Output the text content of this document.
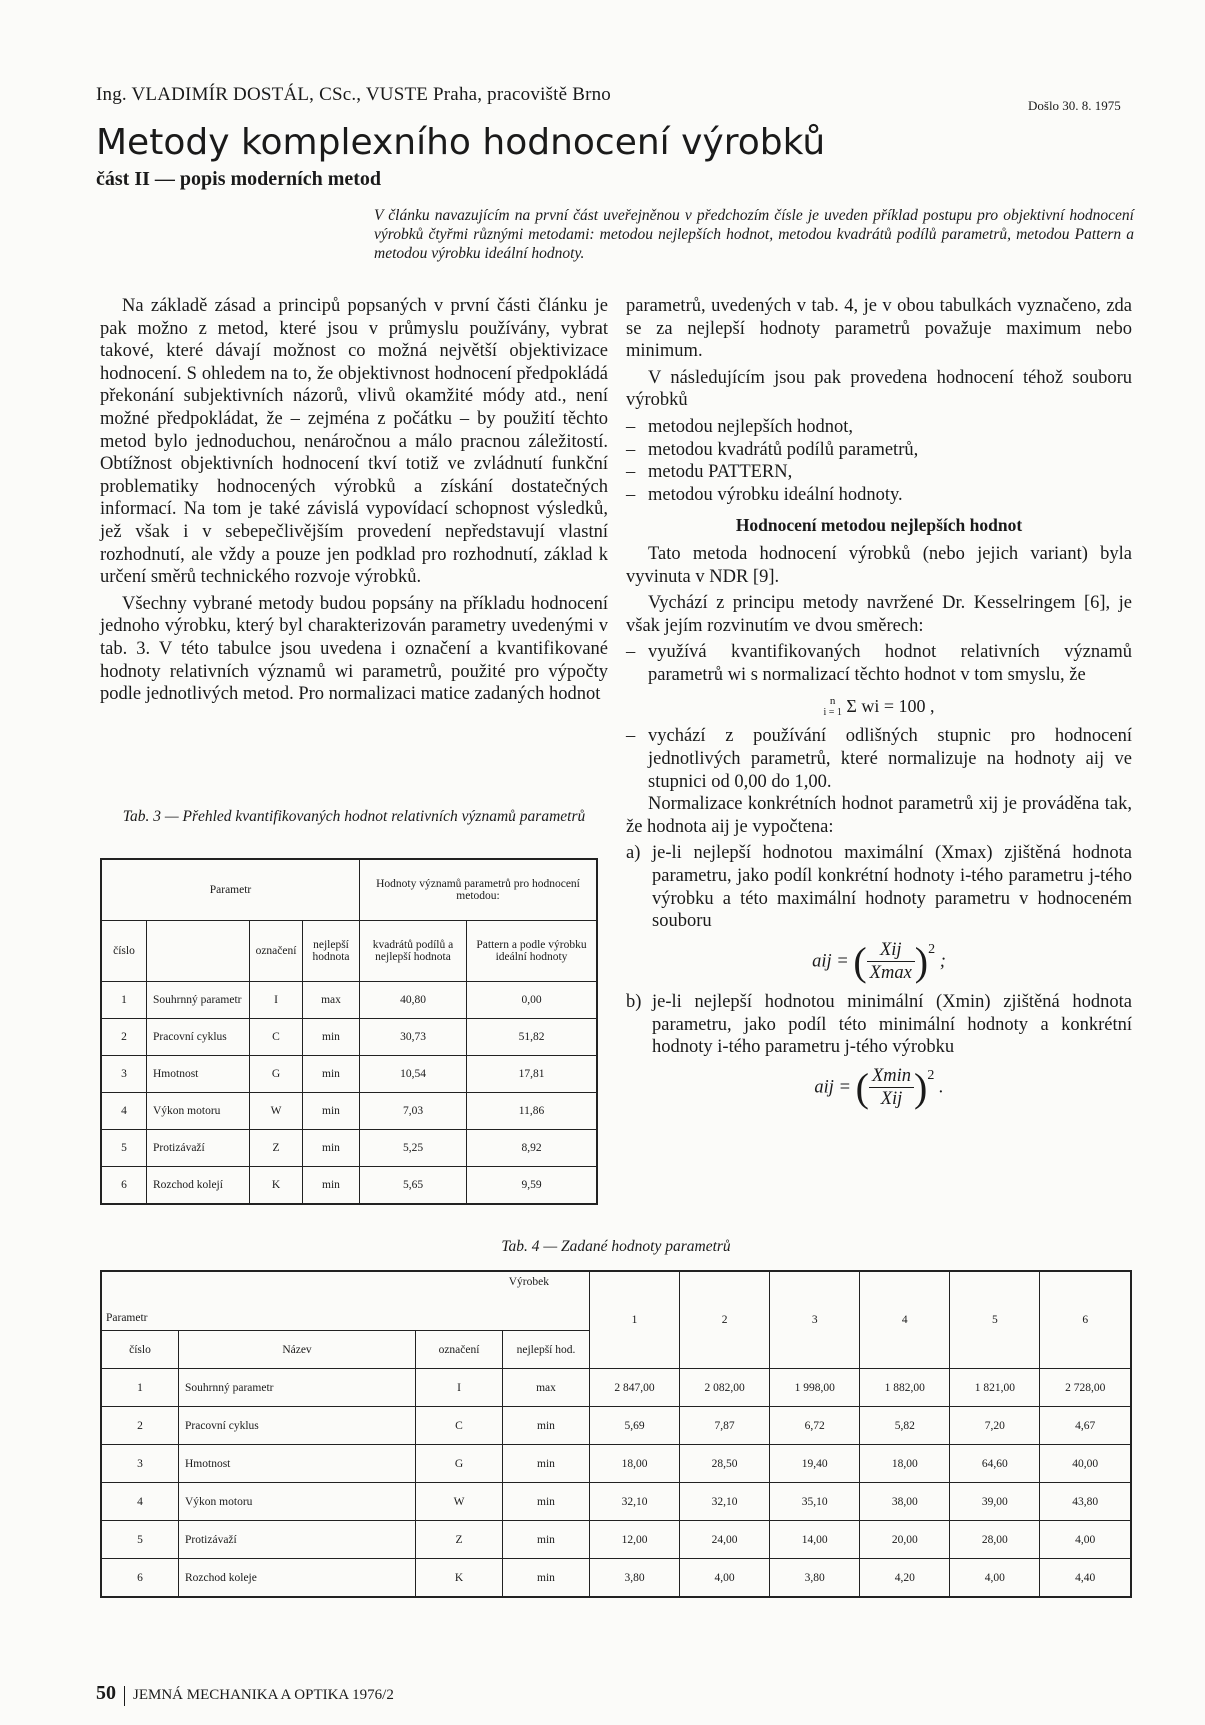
Ing. VLADIMÍR DOSTÁL, CSc., VUSTE Praha, pracoviště Brno
Došlo 30. 8. 1975
Metody komplexního hodnocení výrobků
část II — popis moderních metod
V článku navazujícím na první část uveřejněnou v předchozím čísle je uveden příklad postupu pro objektivní hodnocení výrobků čtyřmi různými metodami: metodou nejlepších hodnot, metodou kvadrátů podílů parametrů, metodou Pattern a metodou výrobku ideální hodnoty.

Na základě zásad a principů popsaných v první části článku je pak možno z metod, které jsou v průmyslu používány, vybrat takové, které dávají možnost co možná největší objektivizace hodnocení. S ohledem na to, že objektivnost hodnocení předpokládá překonání subjektivních názorů, vlivů okamžité módy atd., není možné předpokládat, že – zejména z počátku – by použití těchto metod bylo jednoduchou, nenáročnou a málo pracnou záležitostí. Obtížnost objektivních hodnocení tkví totiž ve zvládnutí funkční problematiky hodnocených výrobků a získání dostatečných informací. Na tom je také závislá vypovídací schopnost výsledků, jež však i v sebepečlivějším provedení nepředstavují vlastní rozhodnutí, ale vždy a pouze jen podklad pro rozhodnutí, základ k určení směrů technického rozvoje výrobků.

Všechny vybrané metody budou popsány na příkladu hodnocení jednoho výrobku, který byl charakterizován parametry uvedenými v tab. 3. V této tabulce jsou uvedena i označení a kvantifikované hodnoty relativních významů wi parametrů, použité pro výpočty podle jednotlivých metod. Pro normalizaci matice zadaných hodnot

Tab. 3 — Přehled kvantifikovaných hodnot relativních významů parametrů
Parametr				Hodnoty významů parametrů pro hodnocení metodou:	
číslo		označení	nejlepší hodnota	kvadrátů podílů a nejlepší hodnota	Pattern a podle výrobku ideální hodnoty
1	Souhrnný parametr	I	max	40,80	0,00
2	Pracovní cyklus	C	min	30,73	51,82
3	Hmotnost	G	min	10,54	17,81
4	Výkon motoru	W	min	7,03	11,86
5	Protizávaží	Z	min	5,25	8,92
6	Rozchod kolejí	K	min	5,65	9,59

parametrů, uvedených v tab. 4, je v obou tabulkách vyznačeno, zda se za nejlepší hodnoty parametrů považuje maximum nebo minimum.

V následujícím jsou pak provedena hodnocení téhož souboru výrobků

– metodou nejlepších hodnot,
– metodou kvadrátů podílů parametrů,
– metodu PATTERN,
– metodou výrobku ideální hodnoty.
Hodnocení metodou nejlepších hodnot

Tato metoda hodnocení výrobků (nebo jejich variant) byla vyvinuta v NDR [9].

Vychází z principu metody navržené Dr. Kesselringem [6], je však jejím rozvinutím ve dvou směrech:

– využívá kvantifikovaných hodnot relativních významů parametrů wi s normalizací těchto hodnot v tom smyslu, že
n
i = 1 Σ wi = 100 ,
– vychází z používání odlišných stupnic pro hodnocení jednotlivých parametrů, které normalizuje na hodnoty aij ve stupnici od 0,00 do 1,00.

Normalizace konkrétních hodnot parametrů xij je prováděna tak, že hodnota aij je vypočtena:

a) je-li nejlepší hodnotou maximální (Xmax) zjištěná hodnota parametru, jako podíl konkrétní hodnoty i-tého parametru j-tého výrobku a této maximální hodnoty parametru v hodnoceném souboru
aij = ( $\frac{\text{Xij}}{Xmax} )^2$ ;
b) je-li nejlepší hodnotou minimální (Xmin) zjištěná hodnota parametru, jako podíl této minimální hodnoty a konkrétní hodnoty i-tého parametru j-tého výrobku
aij = ( $\frac{Xmin}{\text{Xij}} )^2$ .
Tab. 4 — Zadané hodnoty parametrů
Výrobek
Parametr				1	2	3	4	5	6
číslo	Název	označení	nejlepší hod.						
1	Souhrnný parametr	I	max	2 847,00	2 082,00	1 998,00	1 882,00	1 821,00	2 728,00
2	Pracovní cyklus	C	min	5,69	7,87	6,72	5,82	7,20	4,67
3	Hmotnost	G	min	18,00	28,50	19,40	18,00	64,60	40,00
4	Výkon motoru	W	min	32,10	32,10	35,10	38,00	39,00	43,80
5	Protizávaží	Z	min	12,00	24,00	14,00	20,00	28,00	4,00
6	Rozchod koleje	K	min	3,80	4,00	3,80	4,20	4,00	4,40
50 JEMNÁ MECHANIKA A OPTIKA 1976/2
